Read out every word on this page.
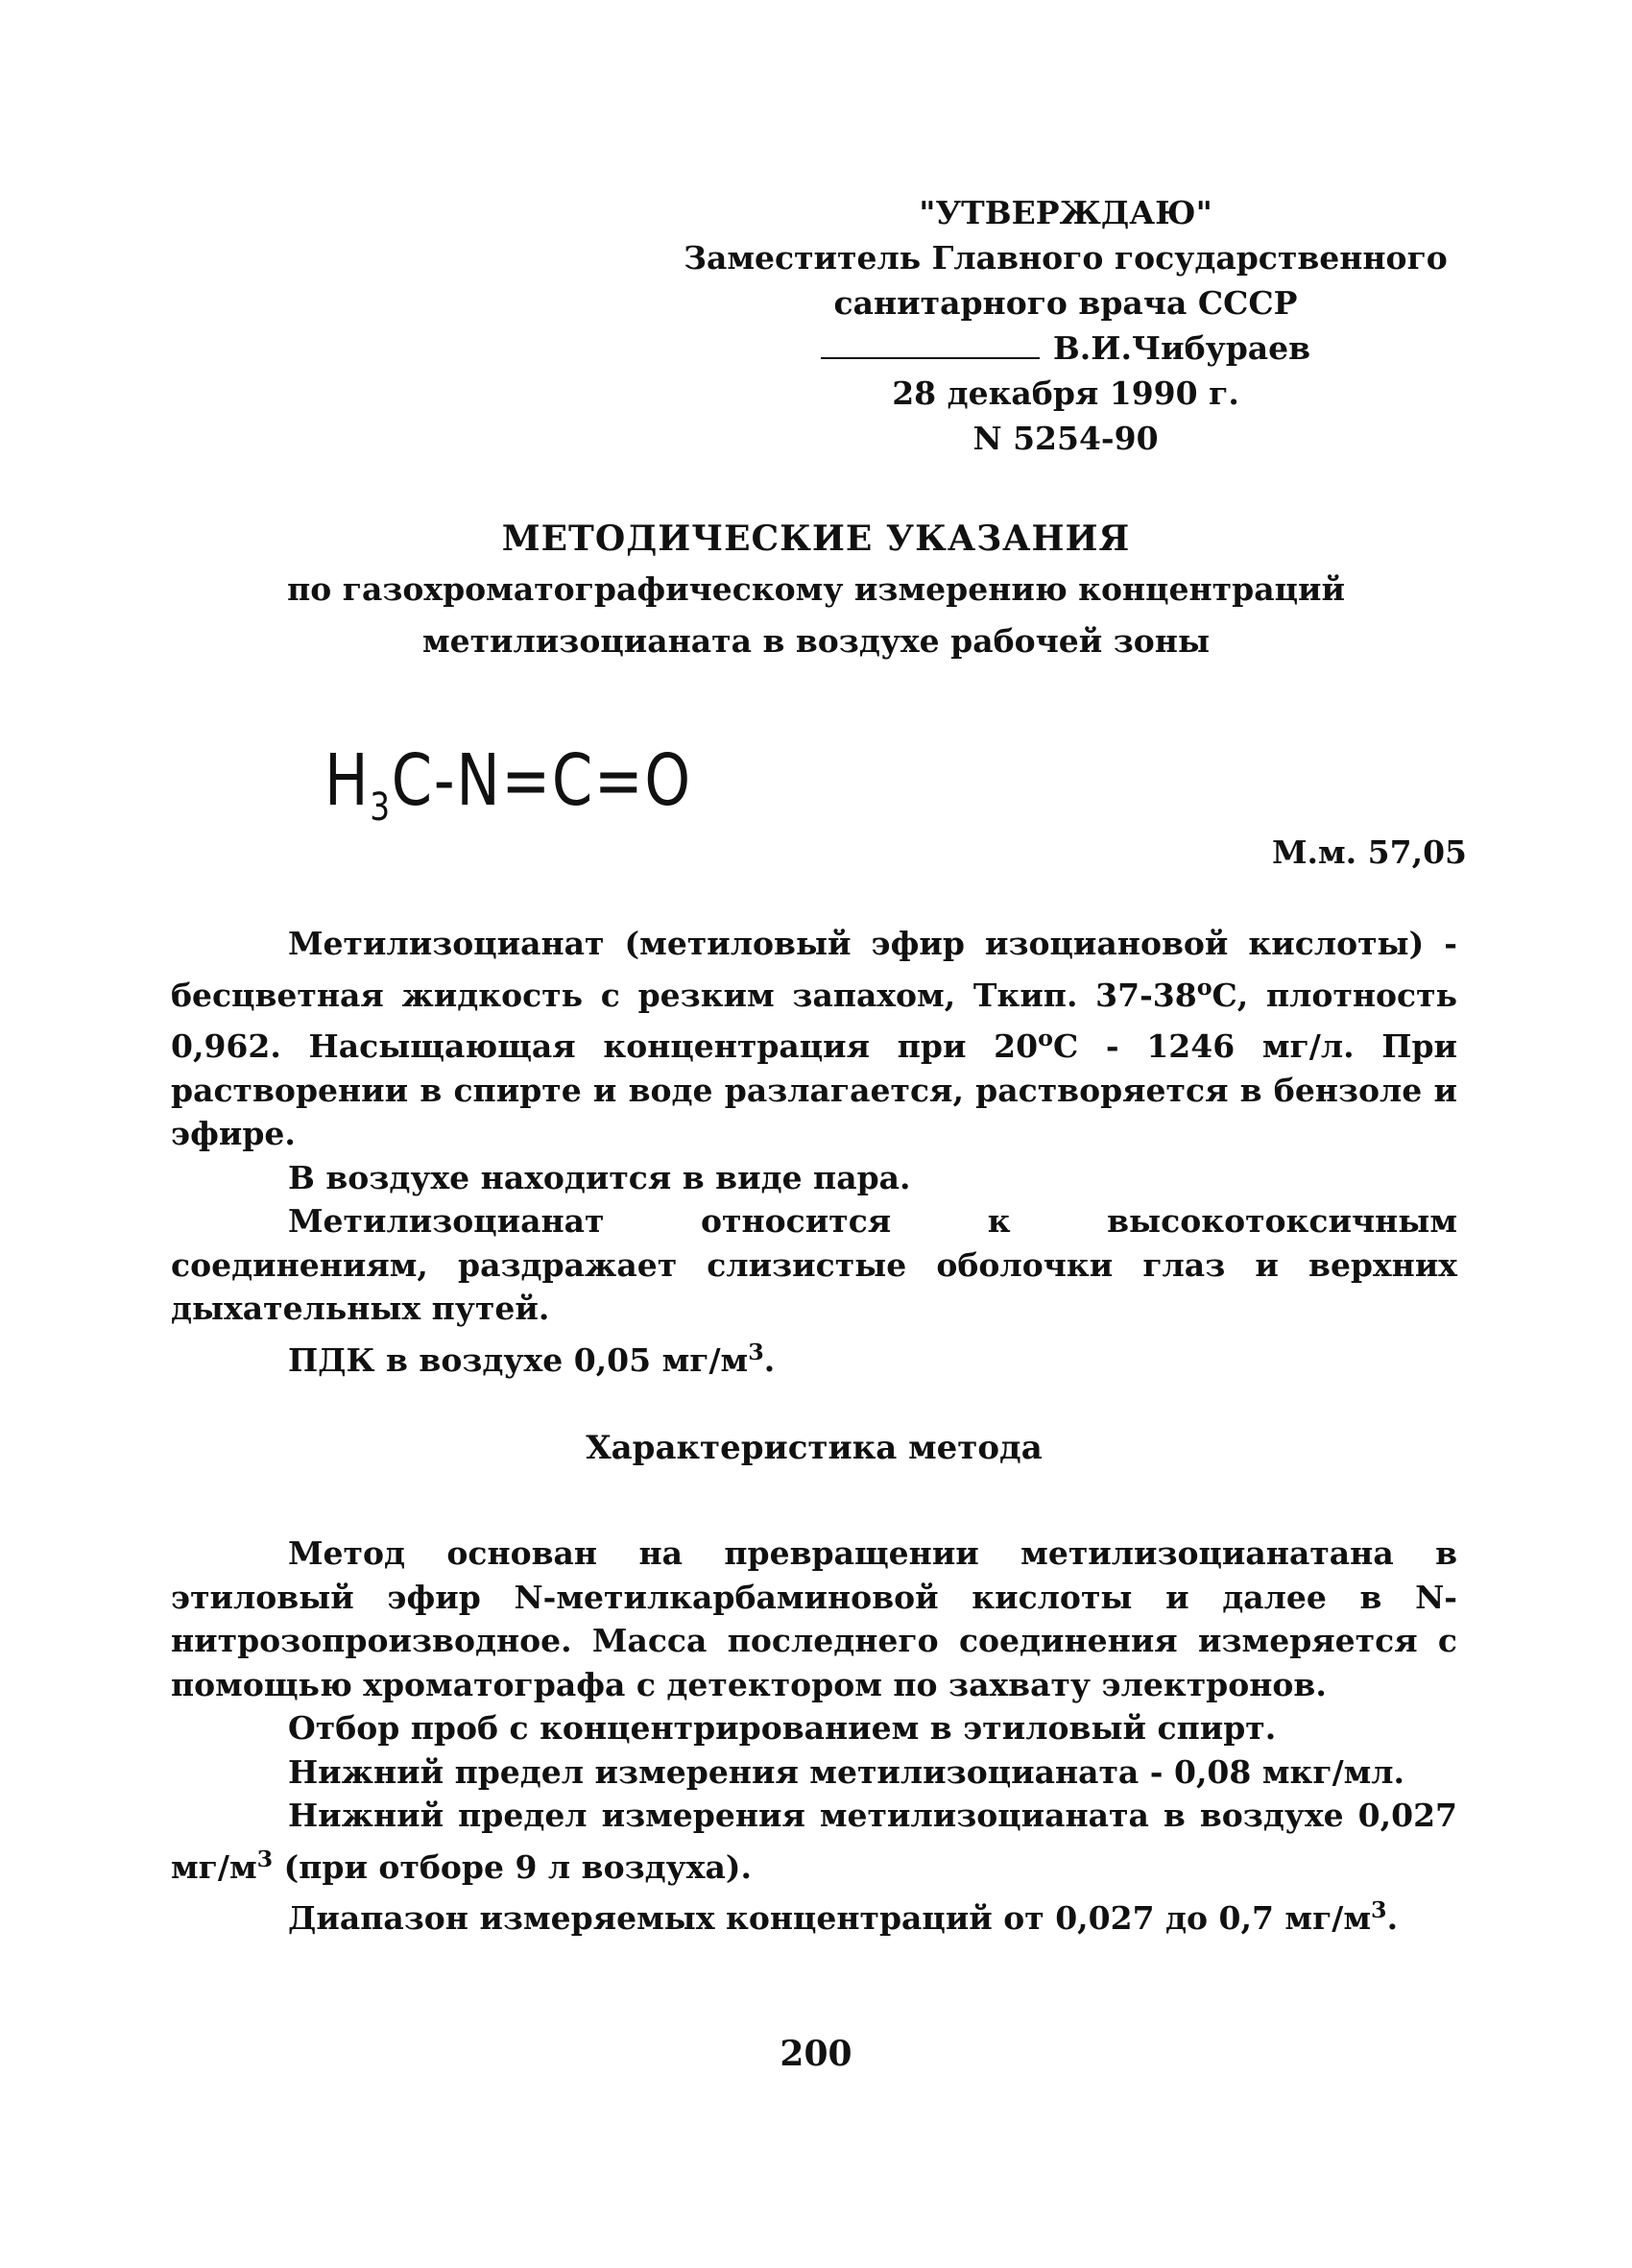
"УТВЕРЖДАЮ"
Заместитель Главного государственного
санитарного врача СССР
В.И.Чибураев
28 декабря 1990 г.
N 5254-90
МЕТОДИЧЕСКИЕ УКАЗАНИЯ
по газохроматографическому измерению концентраций
метилизоцианата в воздухе рабочей зоны
$H_3C-N=C=O$
М.м. 57,05
Метилизоцианат (метиловый эфир изоциановой кислоты) - бесцветная жидкость с резким запахом, Ткип. $37-38^оС$, плотность 0,962. Насыщающая концентрация при $20^оС - 1246$ мг/л. При растворении в спирте и воде разлагается, растворяется в бензоле и эфире.
В воздухе находится в виде пара.
Метилизоцианат относится к высокотоксичным соединениям, раздражает слизистые оболочки глаз и верхних дыхательных путей.
ПДК в воздухе 0,05 $мг/м^3$.
Характеристика метода
Метод основан на превращении метилизоцианатана в этиловый эфир N-метилкарбаминовой кислоты и далее в N-нитрозопроизводное. Масса последнего соединения измеряется с помощью хроматографа с детектором по захвату электронов.
Отбор проб с концентрированием в этиловый спирт.
Нижний предел измерения метилизоцианата - 0,08 мкг/мл.
Нижний предел измерения метилизоцианата в воздухе 0,027 $мг/м^3$ (при отборе 9 л воздуха).
Диапазон измеряемых концентраций от 0,027 до 0,7 $мг/м^3$.
200
